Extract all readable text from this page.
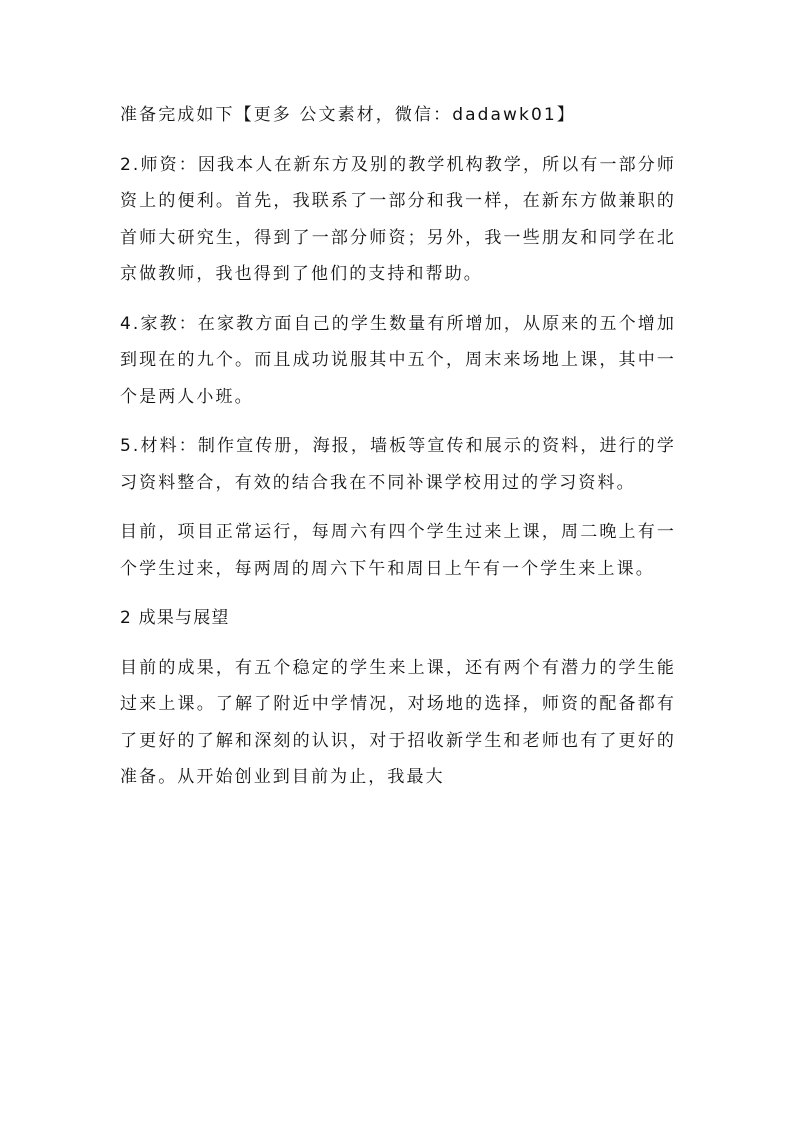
准备完成如下【更多 公文素材，微信：dadawk01】

2.师资：因我本人在新东方及别的教学机构教学，所以有一部分师资上的便利。首先，我联系了一部分和我一样，在新东方做兼职的首师大研究生，得到了一部分师资；另外，我一些朋友和同学在北京做教师，我也得到了他们的支持和帮助。

4.家教：在家教方面自己的学生数量有所增加，从原来的五个增加到现在的九个。而且成功说服其中五个，周末来场地上课，其中一个是两人小班。

5.材料：制作宣传册，海报，墙板等宣传和展示的资料，进行的学习资料整合，有效的结合我在不同补课学校用过的学习资料。

目前，项目正常运行，每周六有四个学生过来上课，周二晚上有一个学生过来，每两周的周六下午和周日上午有一个学生来上课。

2 成果与展望

目前的成果，有五个稳定的学生来上课，还有两个有潜力的学生能过来上课。了解了附近中学情况，对场地的选择，师资的配备都有了更好的了解和深刻的认识，对于招收新学生和老师也有了更好的准备。从开始创业到目前为止，我最大
